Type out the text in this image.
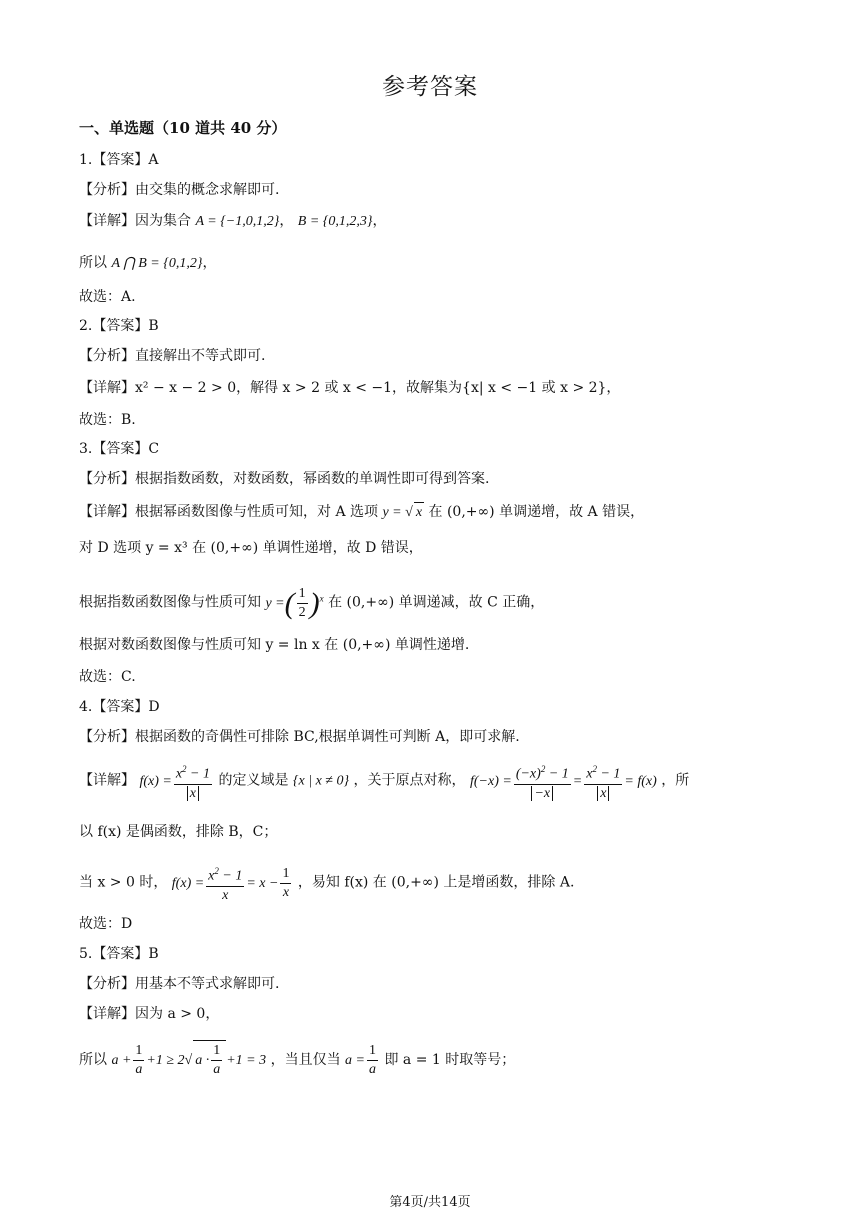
参考答案
一、单选题（10 道共 40 分）
1.【答案】A
【分析】由交集的概念求解即可.
【详解】因为集合 A = {−1,0,1,2}， B = {0,1,2,3}，
所以 A ⋂ B = {0,1,2}，
故选：A.
2.【答案】B
【分析】直接解出不等式即可.
【详解】x² − x − 2 > 0，解得 x > 2 或 x < −1，故解集为{x| x < −1 或 x > 2}，
故选：B.
3.【答案】C
【分析】根据指数函数，对数函数，幂函数的单调性即可得到答案.
【详解】根据幂函数图像与性质可知，对 A 选项 y = √ x 在 (0,+∞) 单调递增，故 A 错误，
对 D 选项 y = x³ 在 (0,+∞) 单调性递增，故 D 错误，
根据指数函数图像与性质可知 y =( $\frac{1}{2} )^x$ 在 (0,+∞) 单调递减，故 C 正确，
根据对数函数图像与性质可知 y = ln x 在 (0,+∞) 单调性递增.
故选：C.
4.【答案】D
【分析】根据函数的奇偶性可排除 BC,根据单调性可判断 A，即可求解.
【详解】 $f(x) = \frac{x^2 - 1}{x}$ 的定义域是 {x | x ≠ 0} ，关于原点对称， $f(-x) = \frac{(-x)^2 - 1}{-x} = \frac{x^2 - 1}{x} = f(x)$ ，所
以 f(x) 是偶函数，排除 B，C；
当 x > 0 时， $f(x) = \frac{x^2 - 1}{x} = x - \frac{1}{x}$ ，易知 f(x) 在 (0,+∞) 上是增函数，排除 A.
故选：D
5.【答案】B
【分析】用基本不等式求解即可.
【详解】因为 a > 0，
所以 $a + \frac{1}{a} +1 \ge 2√$ $a \cdot \frac{1}{a} +1 = 3$ ，当且仅当 $a = \frac{1}{a}$ 即 a = 1 时取等号；
第4页/共14页
